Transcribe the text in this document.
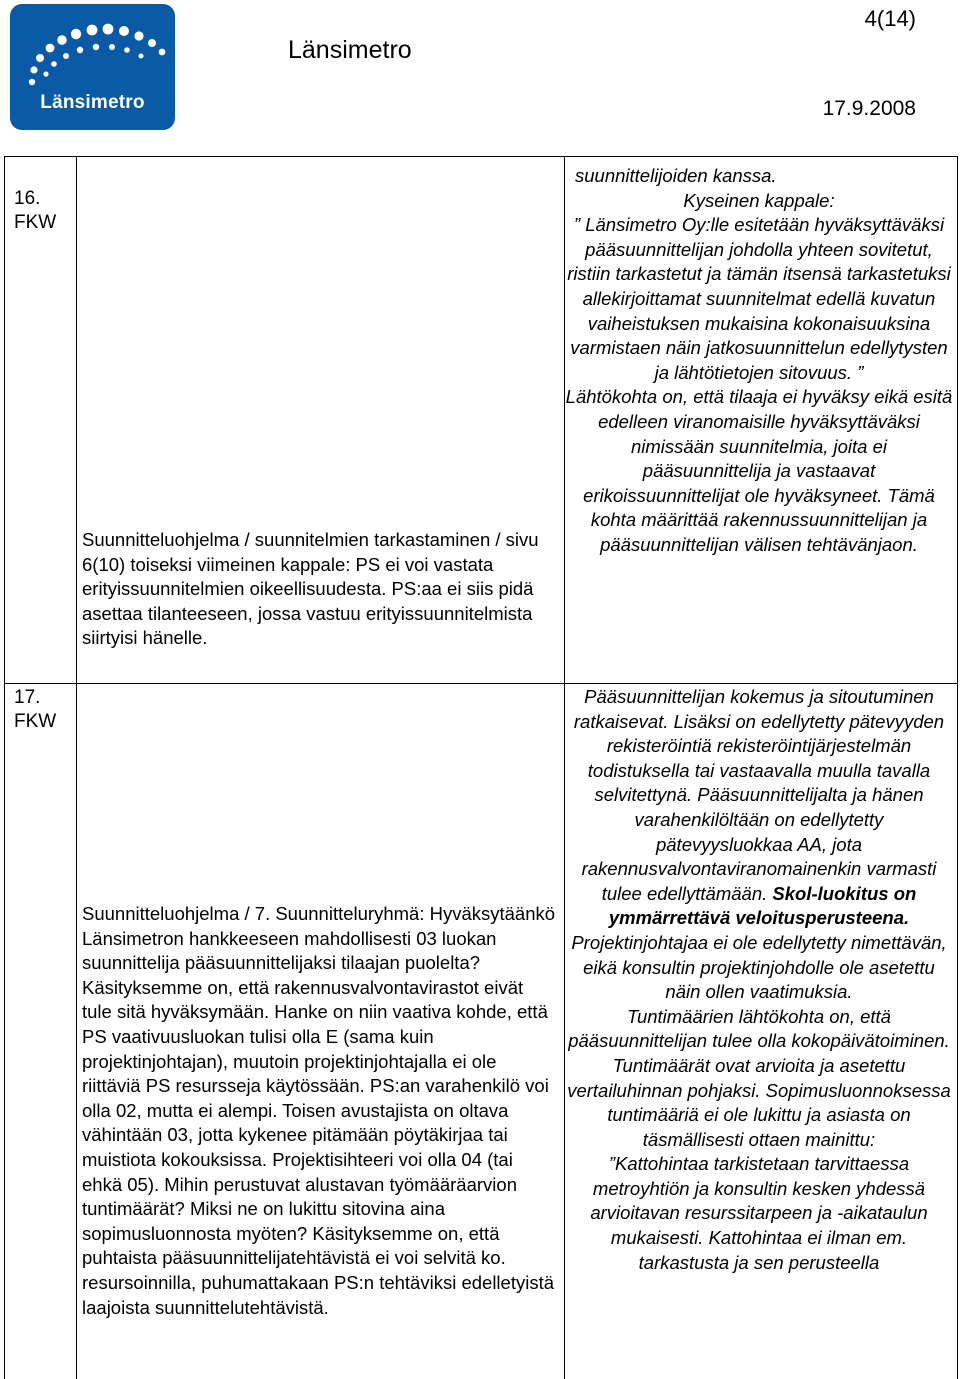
Länsimetro
Länsimetro
4(14)
17.9.2008
16.
FKW

Suunnitteluohjelma / suunnitelmien tarkastaminen / sivu 6(10) toiseksi viimeinen kappale: PS ei voi vastata erityissuunnitelmien oikeellisuudesta. PS:aa ei siis pidä asettaa tilanteeseen, jossa vastuu erityissuunnitelmista siirtyisi hänelle.

suunnittelijoiden kanssa.

Kyseinen kappale:

” Länsimetro Oy:lle esitetään hyväksyttäväksi pääsuunnittelijan johdolla yhteen sovitetut, ristiin tarkastetut ja tämän itsensä tarkastetuksi allekirjoittamat suunnitelmat edellä kuvatun vaiheistuksen mukaisina kokonaisuuksina varmistaen näin jatkosuunnittelun edellytysten ja lähtötietojen sitovuus. ”

Lähtökohta on, että tilaaja ei hyväksy eikä esitä edelleen viranomaisille hyväksyttäväksi nimissään suunnitelmia, joita ei pääsuunnittelija ja vastaavat erikoissuunnittelijat ole hyväksyneet. Tämä kohta määrittää rakennussuunnittelijan ja pääsuunnittelijan välisen tehtävänjaon.

17.
FKW

Suunnitteluohjelma / 7. Suunnitteluryhmä: Hyväksytäänkö Länsimetron hankkeeseen mahdollisesti 03 luokan suunnittelija pääsuunnittelijaksi tilaajan puolelta? Käsityksemme on, että rakennusvalvontavirastot eivät tule sitä hyväksymään. Hanke on niin vaativa kohde, että PS vaativuusluokan tulisi olla E (sama kuin projektinjohtajan), muutoin projektinjohtajalla ei ole riittäviä PS resursseja käytössään. PS:an varahenkilö voi olla 02, mutta ei alempi. Toisen avustajista on oltava vähintään 03, jotta kykenee pitämään pöytäkirjaa tai muistiota kokouksissa. Projektisihteeri voi olla 04 (tai ehkä 05). Mihin perustuvat alustavan työmääräarvion tuntimäärät? Miksi ne on lukittu sitovina aina sopimusluonnosta myöten? Käsityksemme on, että puhtaista pääsuunnittelijatehtävistä ei voi selvitä ko. resursoinnilla, puhumattakaan PS:n tehtäviksi edelletyistä laajoista suunnittelutehtävistä.

Pääsuunnittelijan kokemus ja sitoutuminen ratkaisevat. Lisäksi on edellytetty pätevyyden rekisteröintiä rekisteröintijärjestelmän todistuksella tai vastaavalla muulla tavalla selvitettynä. Pääsuunnittelijalta ja hänen varahenkilöltään on edellytetty pätevyysluokkaa AA, jota rakennusvalvontaviranomainenkin varmasti tulee edellyttämään. Skol-luokitus on ymmärrettävä veloitusperusteena.

Projektinjohtajaa ei ole edellytetty nimettävän, eikä konsultin projektinjohdolle ole asetettu näin ollen vaatimuksia.

Tuntimäärien lähtökohta on, että pääsuunnittelijan tulee olla kokopäivätoiminen. Tuntimäärät ovat arvioita ja asetettu vertailuhinnan pohjaksi. Sopimusluonnoksessa tuntimääriä ei ole lukittu ja asiasta on täsmällisesti ottaen mainittu:

”Kattohintaa tarkistetaan tarvittaessa metroyhtiön ja konsultin kesken yhdessä arvioitavan resurssitarpeen ja -aikataulun mukaisesti. Kattohintaa ei ilman em. tarkastusta ja sen perusteella
